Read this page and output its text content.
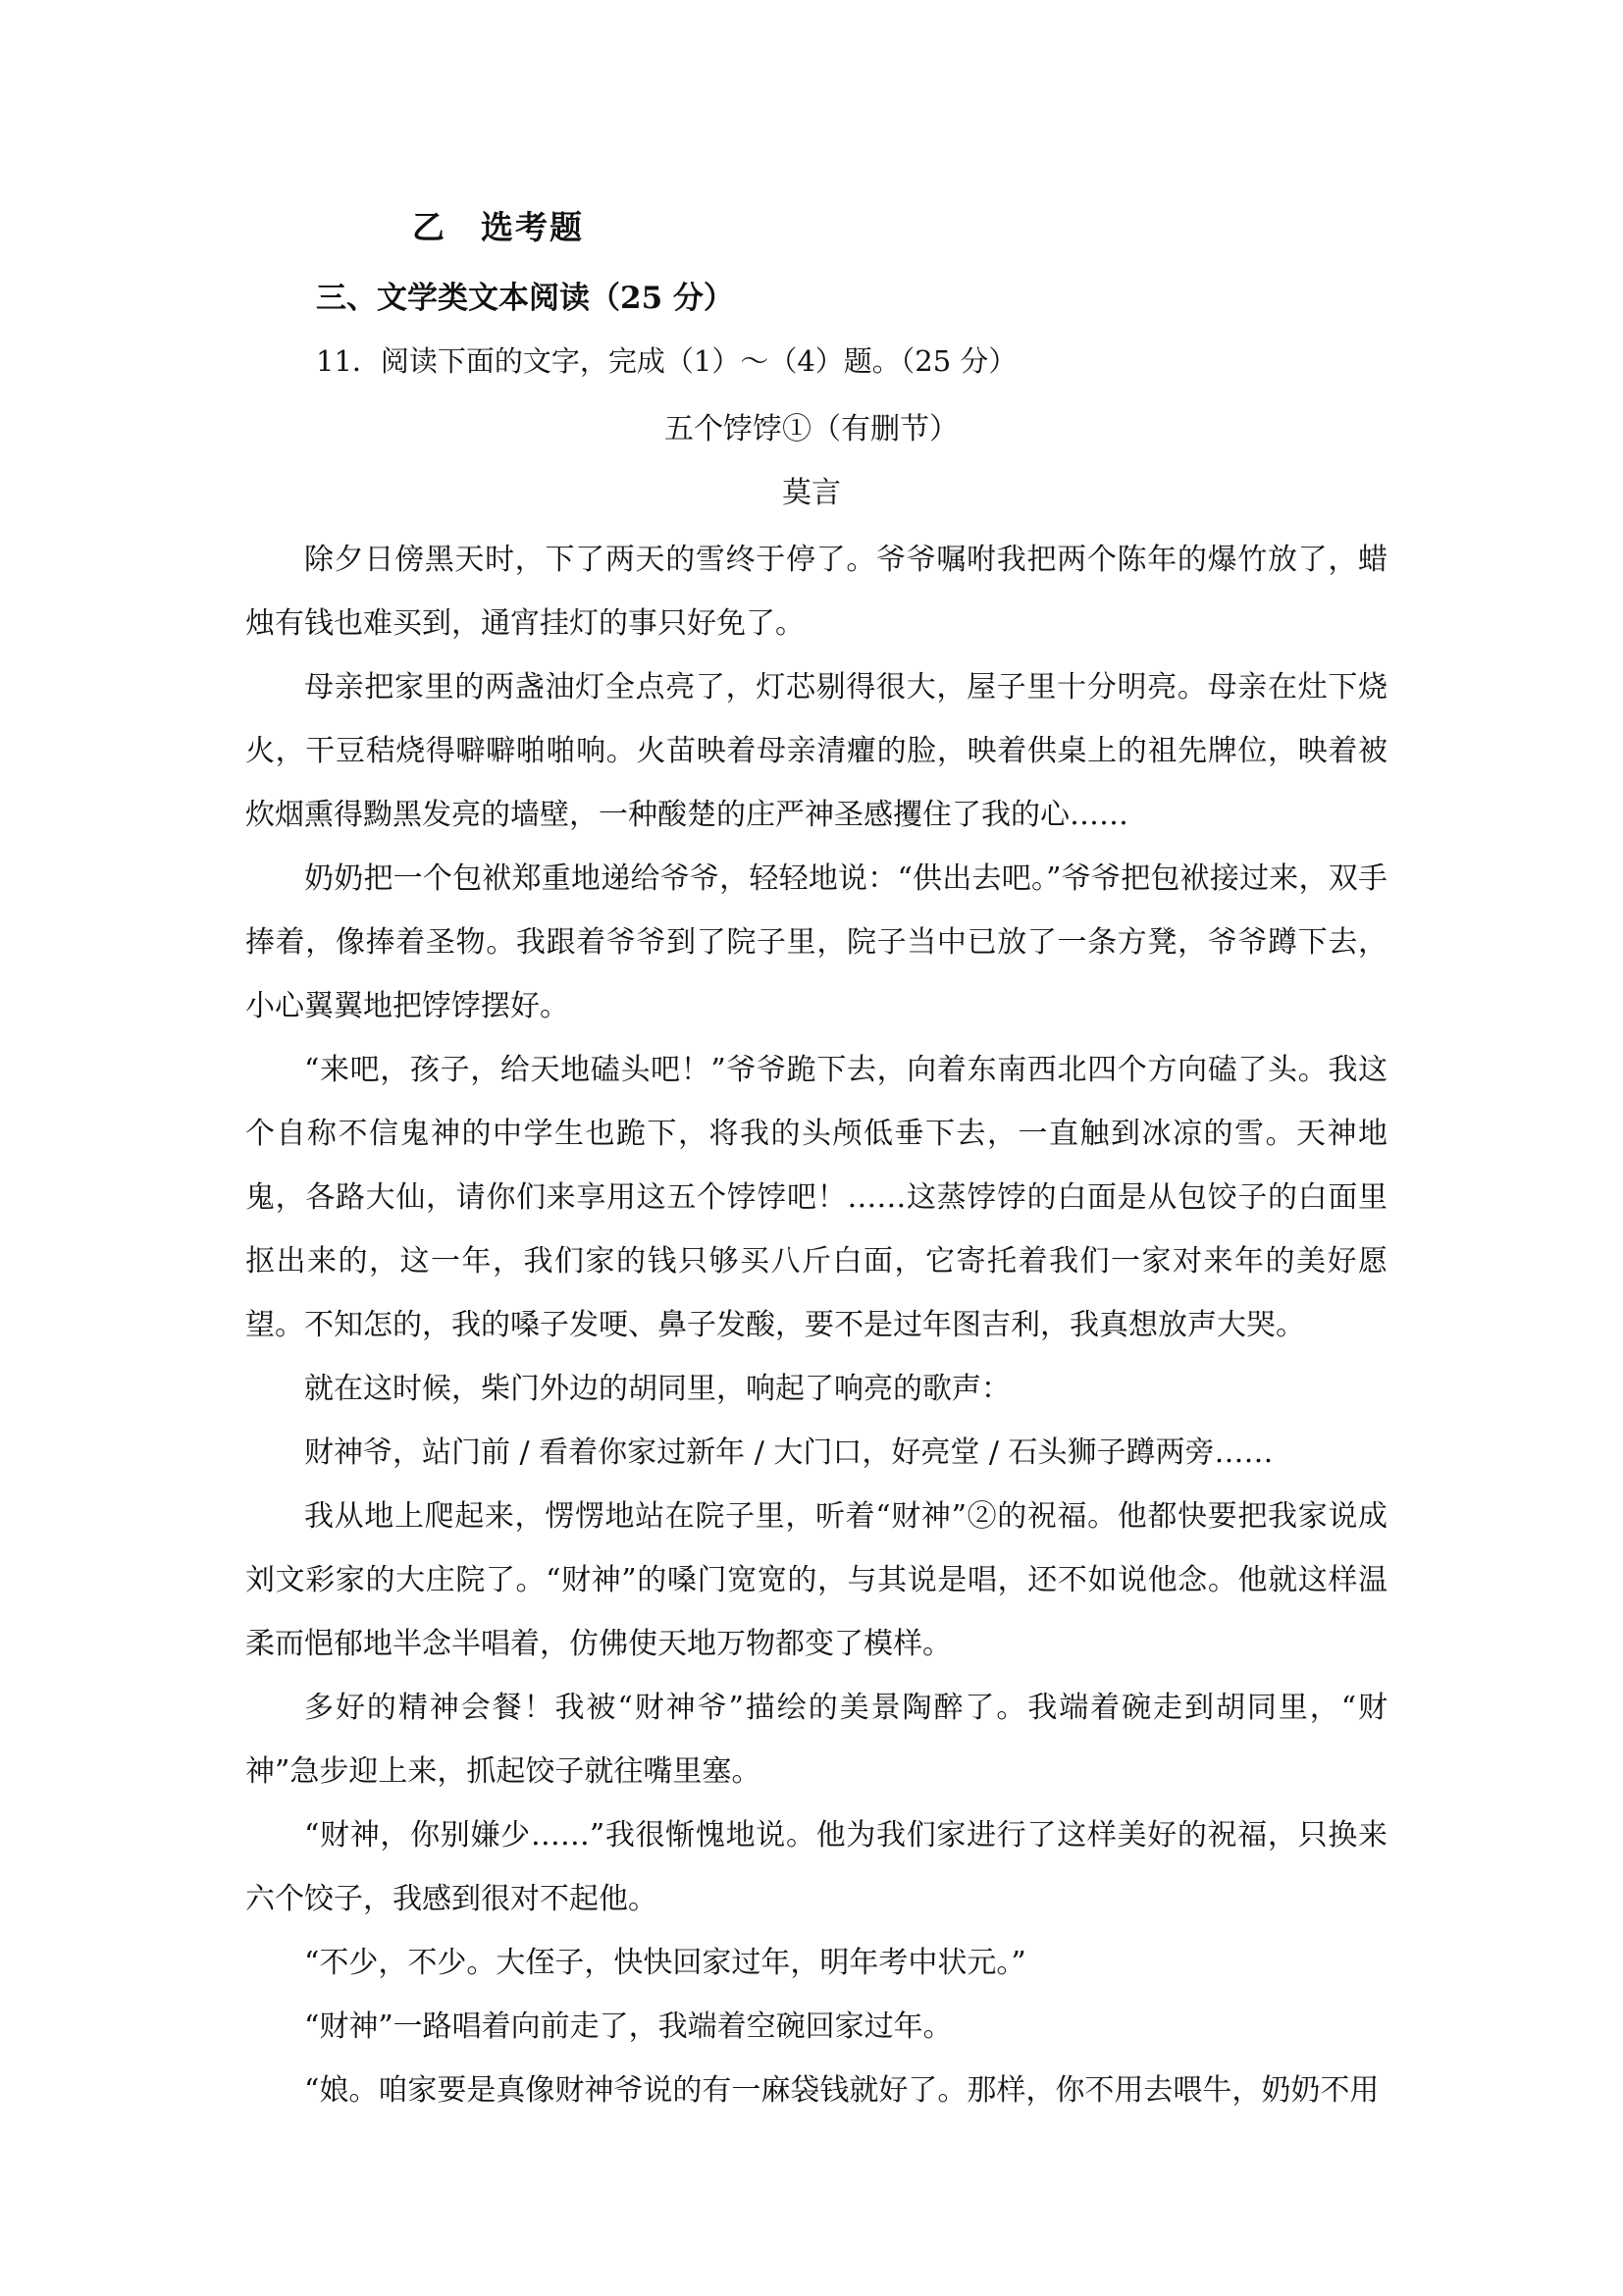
乙　选考题
三、文学类文本阅读（25 分）
11．阅读下面的文字，完成（1）～（4）题。（25 分）
五个饽饽①（有删节）
莫言

除夕日傍黑天时，下了两天的雪终于停了。爷爷嘱咐我把两个陈年的爆竹放了，蜡烛有钱也难买到，通宵挂灯的事只好免了。

母亲把家里的两盏油灯全点亮了，灯芯剔得很大，屋子里十分明亮。母亲在灶下烧火，干豆秸烧得噼噼啪啪响。火苗映着母亲清癯的脸，映着供桌上的祖先牌位，映着被炊烟熏得黝黑发亮的墙壁，一种酸楚的庄严神圣感攫住了我的心……

奶奶把一个包袱郑重地递给爷爷，轻轻地说：“供出去吧。”爷爷把包袱接过来，双手捧着，像捧着圣物。我跟着爷爷到了院子里，院子当中已放了一条方凳，爷爷蹲下去，小心翼翼地把饽饽摆好。

“来吧，孩子，给天地磕头吧！”爷爷跪下去，向着东南西北四个方向磕了头。我这个自称不信鬼神的中学生也跪下，将我的头颅低垂下去，一直触到冰凉的雪。天神地鬼，各路大仙，请你们来享用这五个饽饽吧！……这蒸饽饽的白面是从包饺子的白面里抠出来的，这一年，我们家的钱只够买八斤白面，它寄托着我们一家对来年的美好愿望。不知怎的，我的嗓子发哽、鼻子发酸，要不是过年图吉利，我真想放声大哭。

就在这时候，柴门外边的胡同里，响起了响亮的歌声：

财神爷，站门前 / 看着你家过新年 / 大门口，好亮堂 / 石头狮子蹲两旁……

我从地上爬起来，愣愣地站在院子里，听着“财神”②的祝福。他都快要把我家说成刘文彩家的大庄院了。“财神”的嗓门宽宽的，与其说是唱，还不如说他念。他就这样温柔而悒郁地半念半唱着，仿佛使天地万物都变了模样。

多好的精神会餐！我被“财神爷”描绘的美景陶醉了。我端着碗走到胡同里，“财神”急步迎上来，抓起饺子就往嘴里塞。

“财神，你别嫌少……”我很惭愧地说。他为我们家进行了这样美好的祝福，只换来六个饺子，我感到很对不起他。

“不少，不少。大侄子，快快回家过年，明年考中状元。”

“财神”一路唱着向前走了，我端着空碗回家过年。

“娘。咱家要是真像财神爷说的有一麻袋钱就好了。那样，你不用去喂牛，奶奶不用
